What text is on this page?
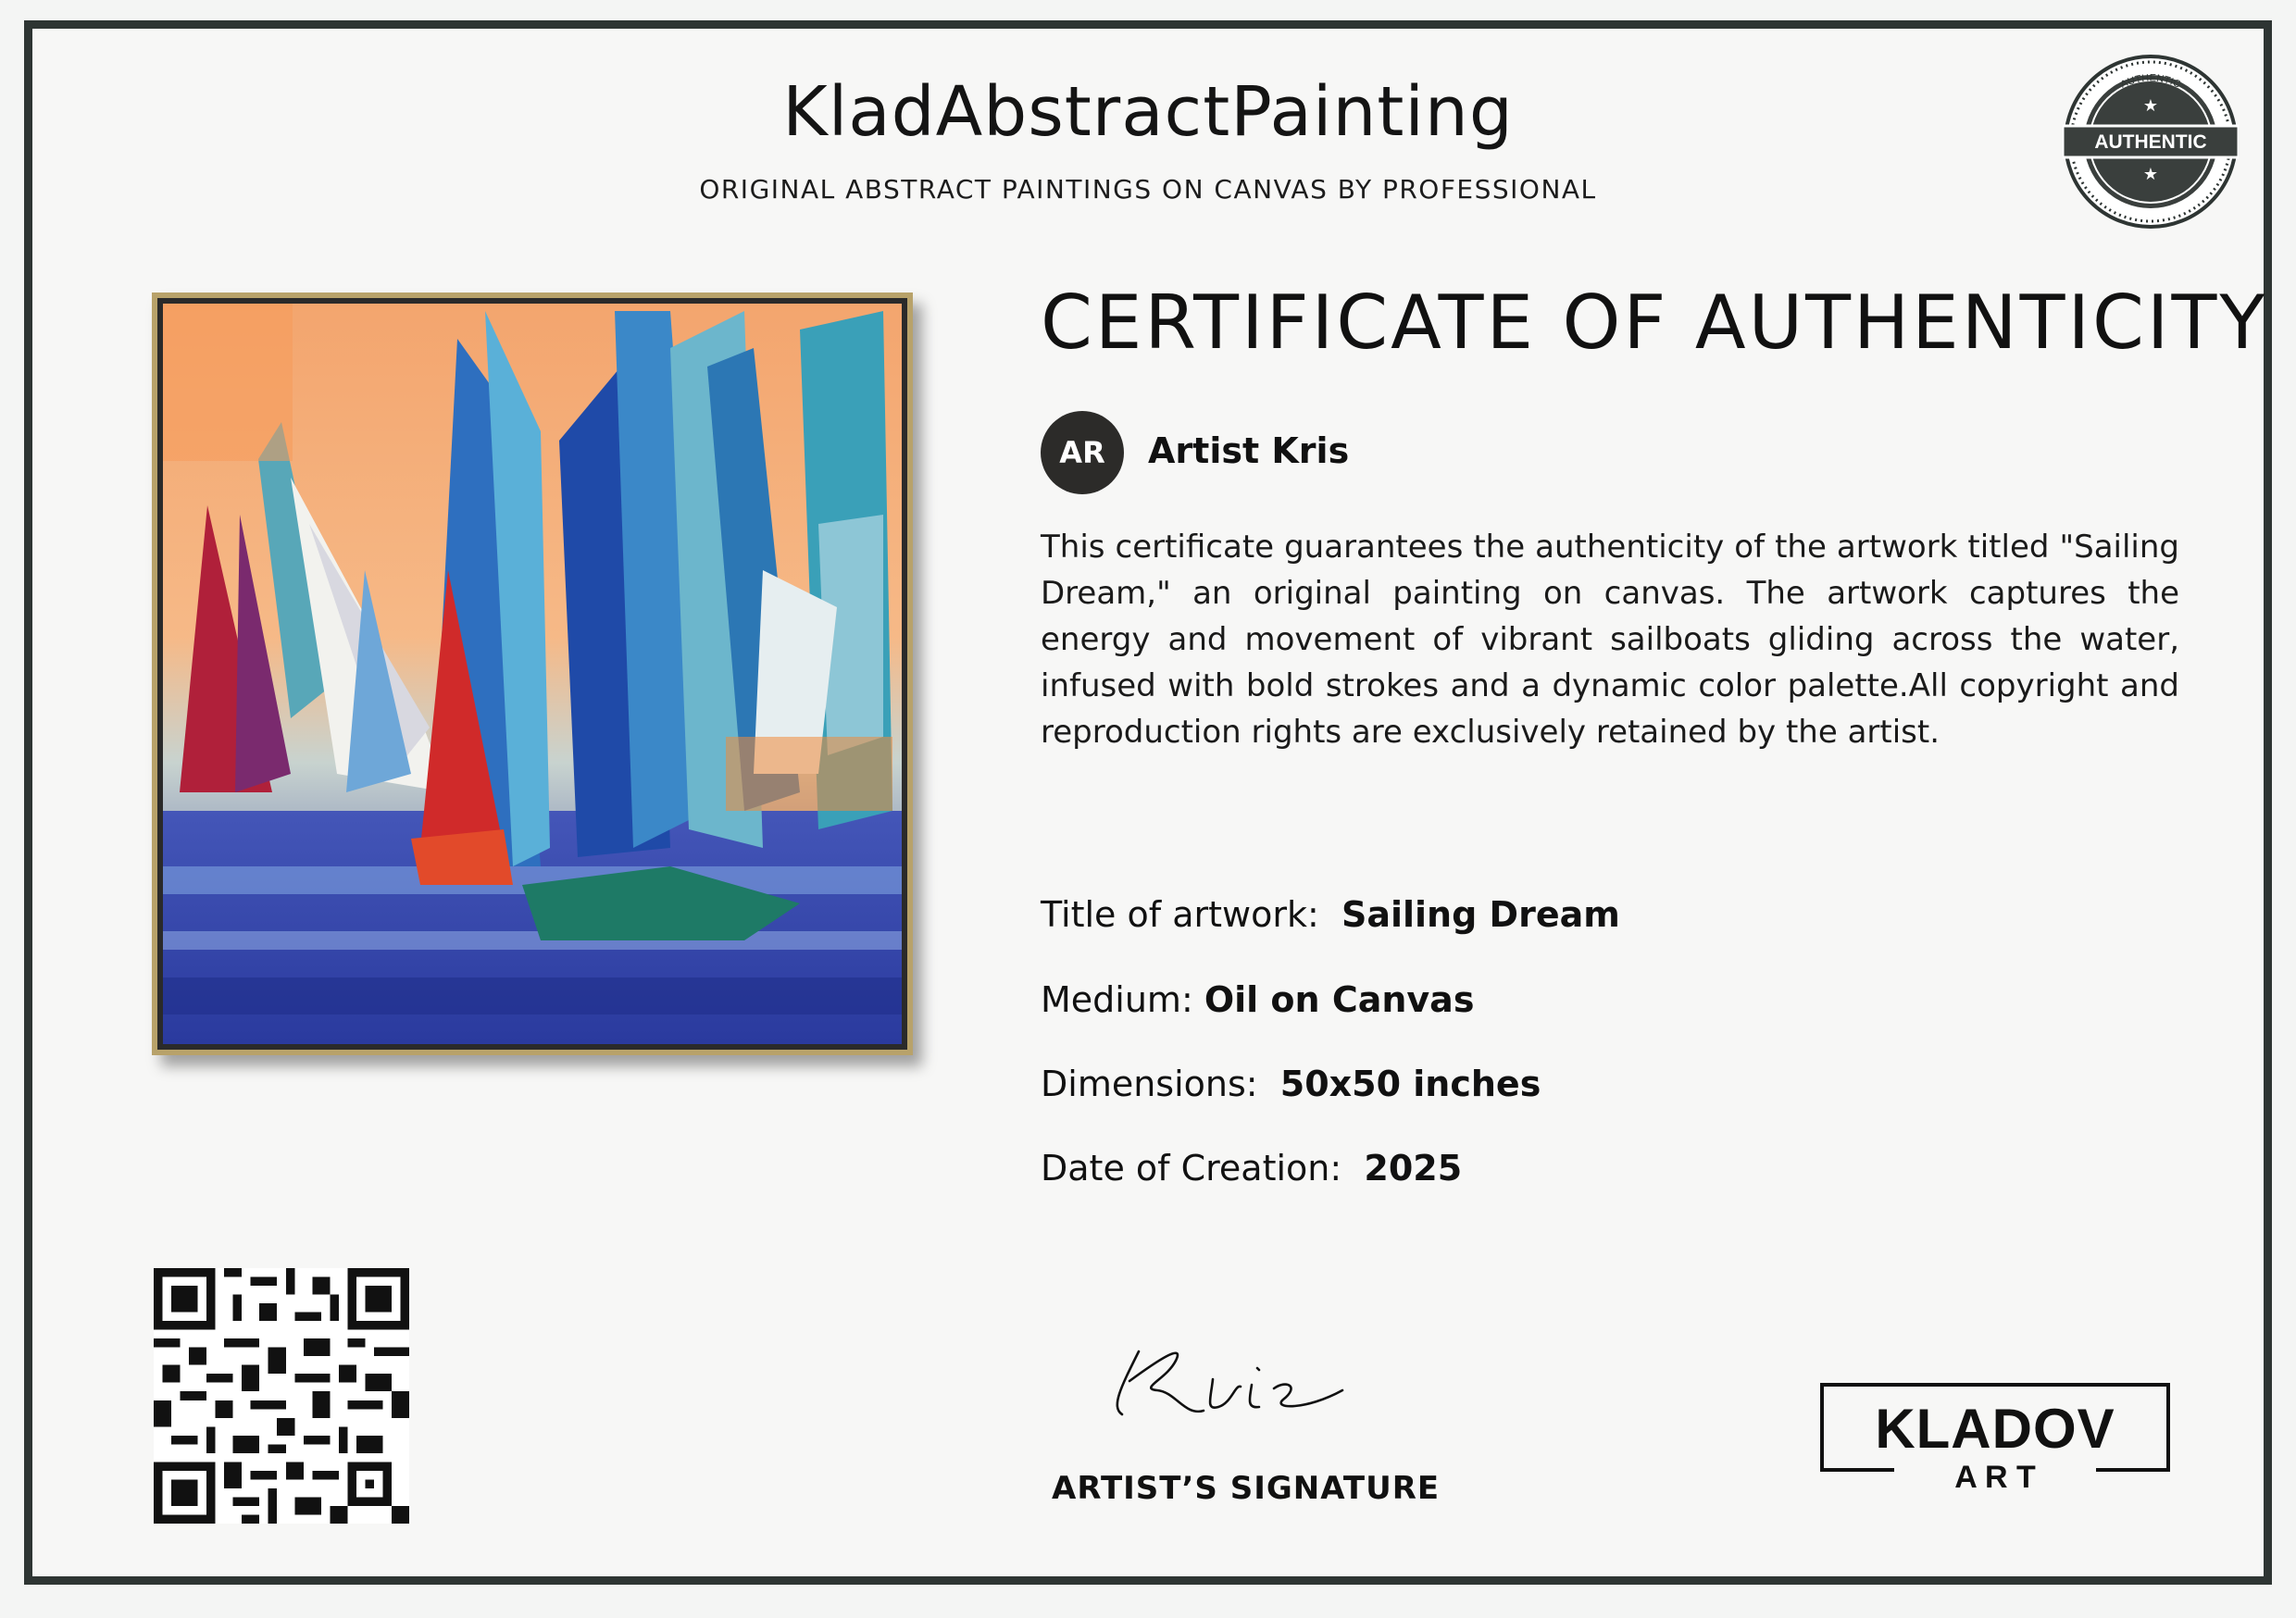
KladAbstractPainting
ORIGINAL ABSTRACT PAINTINGS ON CANVAS BY PROFESSIONAL
AUTHENTIC
★
★
AUTHENTIC
CERTIFICATE OF AUTHENTICITY
AR	Artist Kris

This certificate guarantees the authenticity of the artwork titled "Sailing Dream," an original painting on canvas. The artwork captures the energy and movement of vibrant sailboats gliding across the water, infused with bold strokes and a dynamic color palette.All copyright and reproduction rights are exclusively retained by the artist.

Title of artwork: Sailing Dream
Medium: Oil on Canvas
Dimensions: 50x50 inches
Date of Creation: 2025
ARTIST’S SIGNATURE
KLADOV
A R T
